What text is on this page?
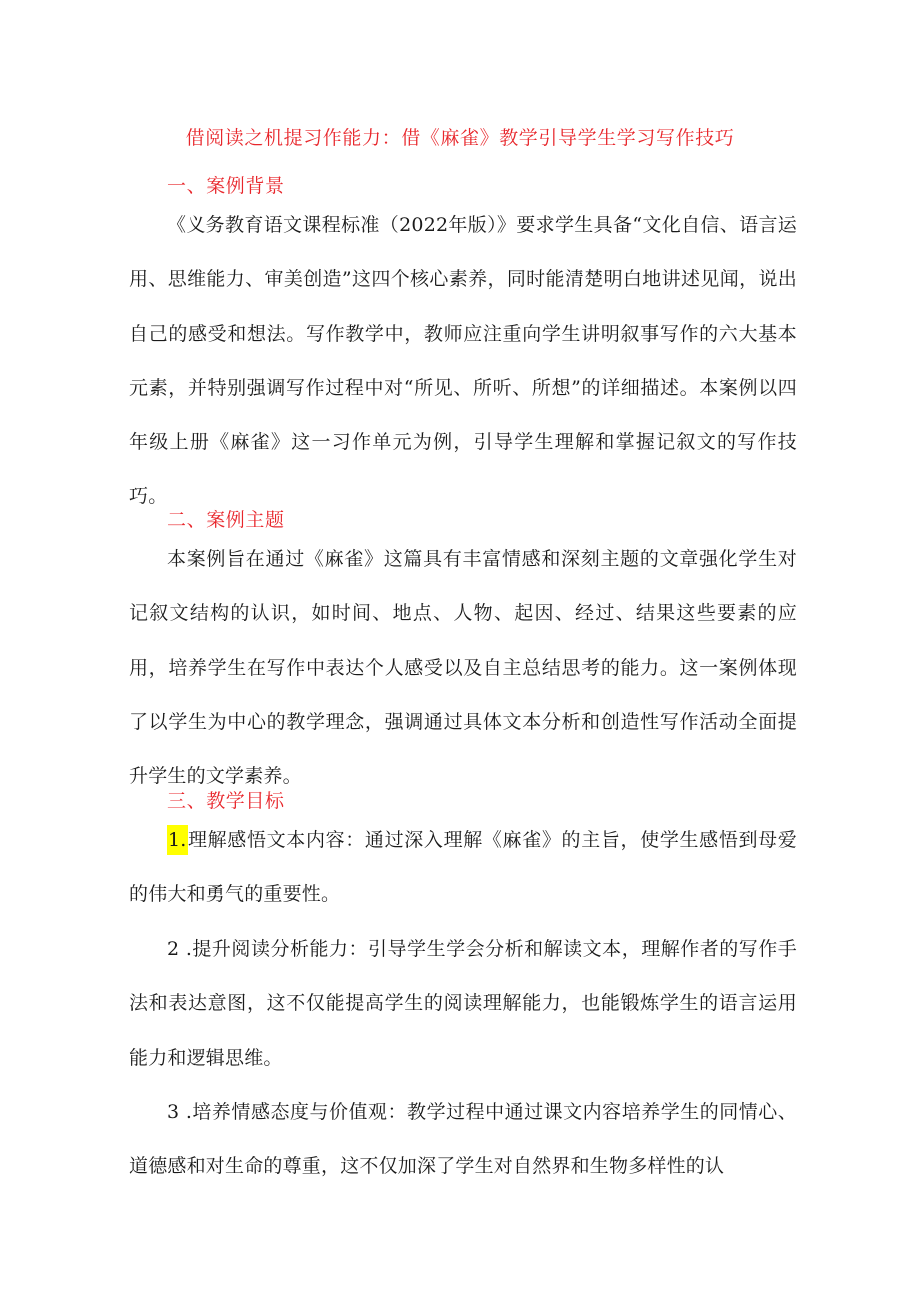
借阅读之机提习作能力：借《麻雀》教学引导学生学习写作技巧
一、案例背景
《义务教育语文课程标准（2022年版）》要求学生具备“文化自信、语言运用、思维能力、审美创造”这四个核心素养，同时能清楚明白地讲述见闻，说出自己的感受和想法。写作教学中，教师应注重向学生讲明叙事写作的六大基本元素，并特别强调写作过程中对“所见、所听、所想”的详细描述。本案例以四年级上册《麻雀》这一习作单元为例，引导学生理解和掌握记叙文的写作技巧。
二、案例主题
本案例旨在通过《麻雀》这篇具有丰富情感和深刻主题的文章强化学生对记叙文结构的认识，如时间、地点、人物、起因、经过、结果这些要素的应用，培养学生在写作中表达个人感受以及自主总结思考的能力。这一案例体现了以学生为中心的教学理念，强调通过具体文本分析和创造性写作活动全面提升学生的文学素养。
三、教学目标
1.理解感悟文本内容：通过深入理解《麻雀》的主旨，使学生感悟到母爱的伟大和勇气的重要性。
2 .提升阅读分析能力：引导学生学会分析和解读文本，理解作者的写作手法和表达意图，这不仅能提高学生的阅读理解能力，也能锻炼学生的语言运用能力和逻辑思维。
3 .培养情感态度与价值观：教学过程中通过课文内容培养学生的同情心、道德感和对生命的尊重，这不仅加深了学生对自然界和生物多样性的认
